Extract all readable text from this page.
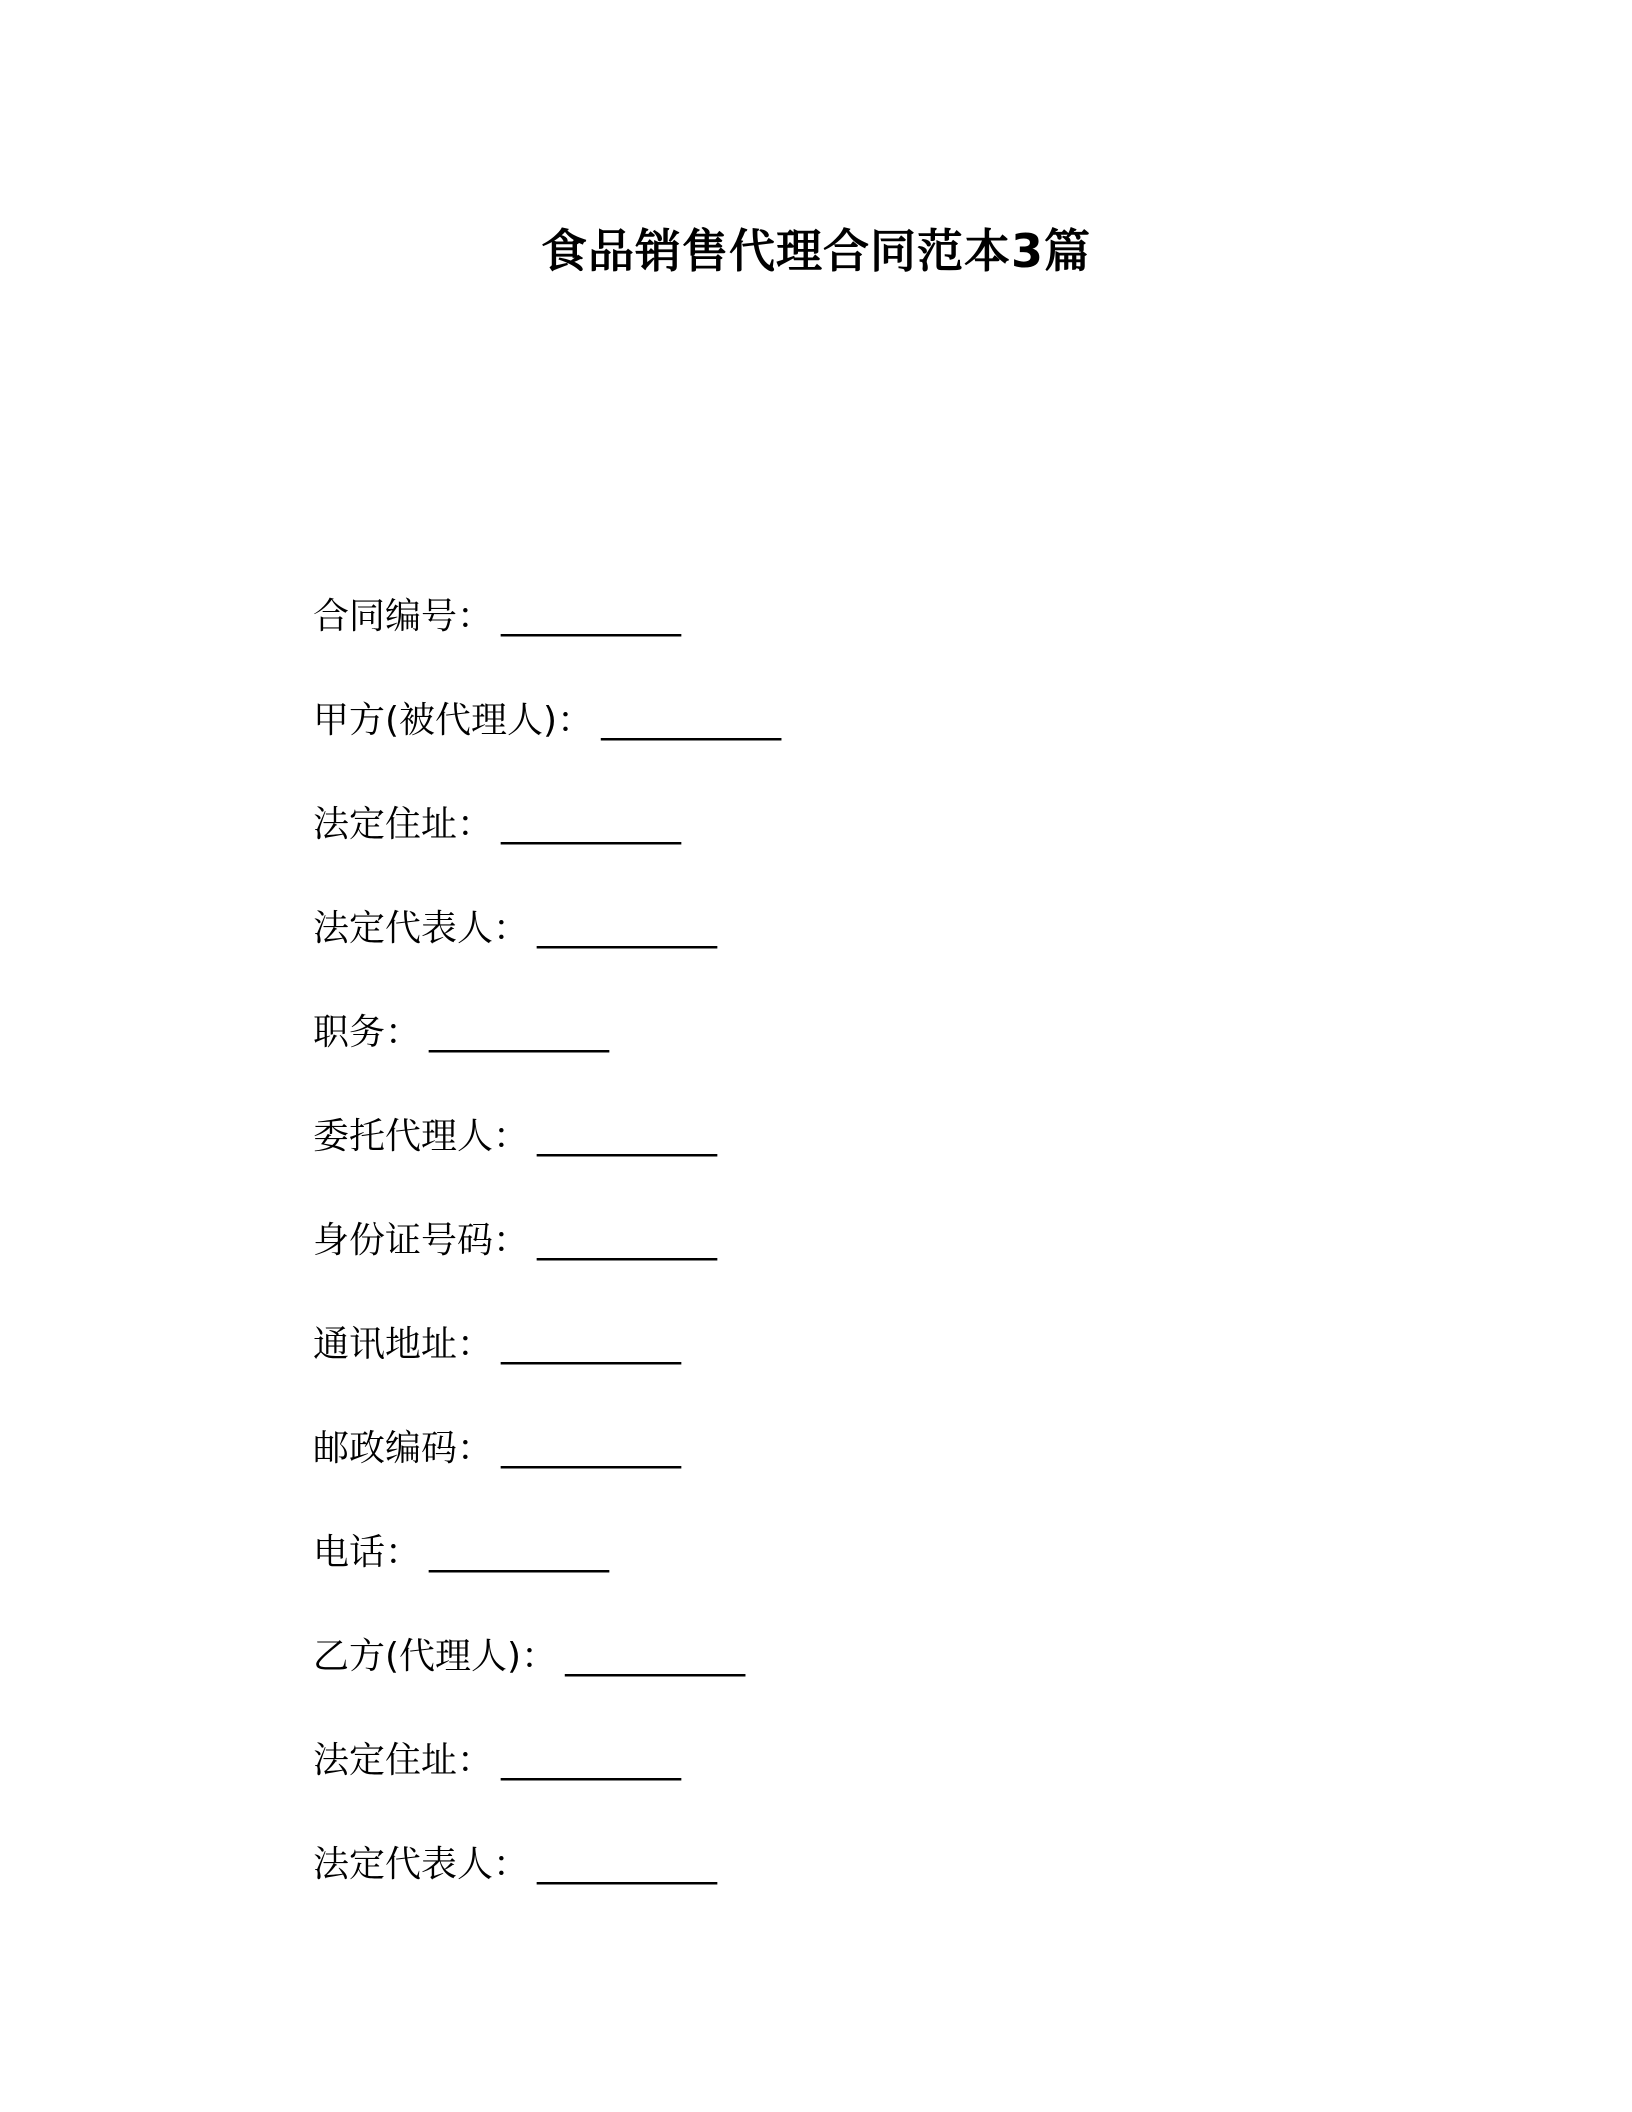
食品销售代理合同范本3篇
合同编号： __________
甲方(被代理人)： __________
法定住址： __________
法定代表人： __________
职务： __________
委托代理人： __________
身份证号码： __________
通讯地址： __________
邮政编码： __________
电话： __________
乙方(代理人)： __________
法定住址： __________
法定代表人： __________
